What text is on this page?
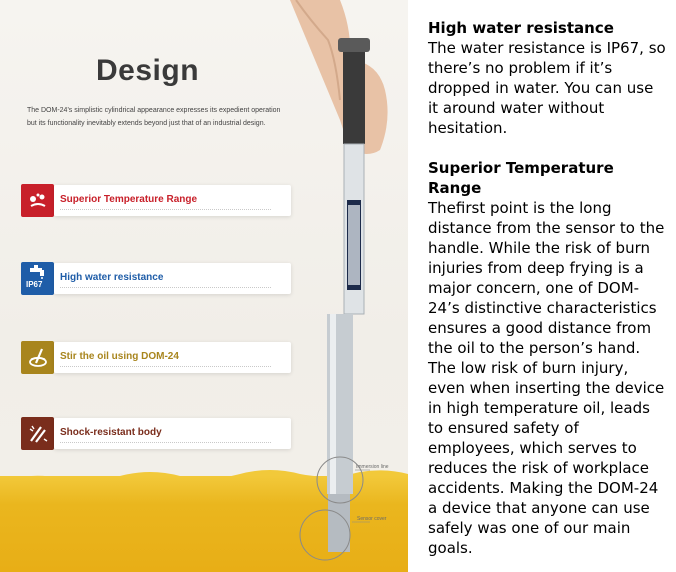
Design
The DOM-24's simplistic cylindrical appearance expresses its expedient operation but its functionality inevitably extends beyond just that of an industrial design.
Superior Temperature Range
IP67
High water resistance
Stir the oil using DOM-24
Shock-resistant body
Immersion line
Sensor cover

High water resistance

The water resistance is IP67, so there’s no problem if it’s dropped in water. You can use it around water without hesitation.

Superior Temperature Range

Thefirst point is the long distance from the sensor to the handle. While the risk of burn injuries from deep frying is a major concern, one of DOM-24’s distinctive characteristics ensures a good distance from the oil to the person’s hand. The low risk of burn injury, even when inserting the device in high temperature oil, leads to ensured safety of employees, which serves to reduces the risk of workplace accidents. Making the DOM-24 a device that anyone can use safely was one of our main goals.
